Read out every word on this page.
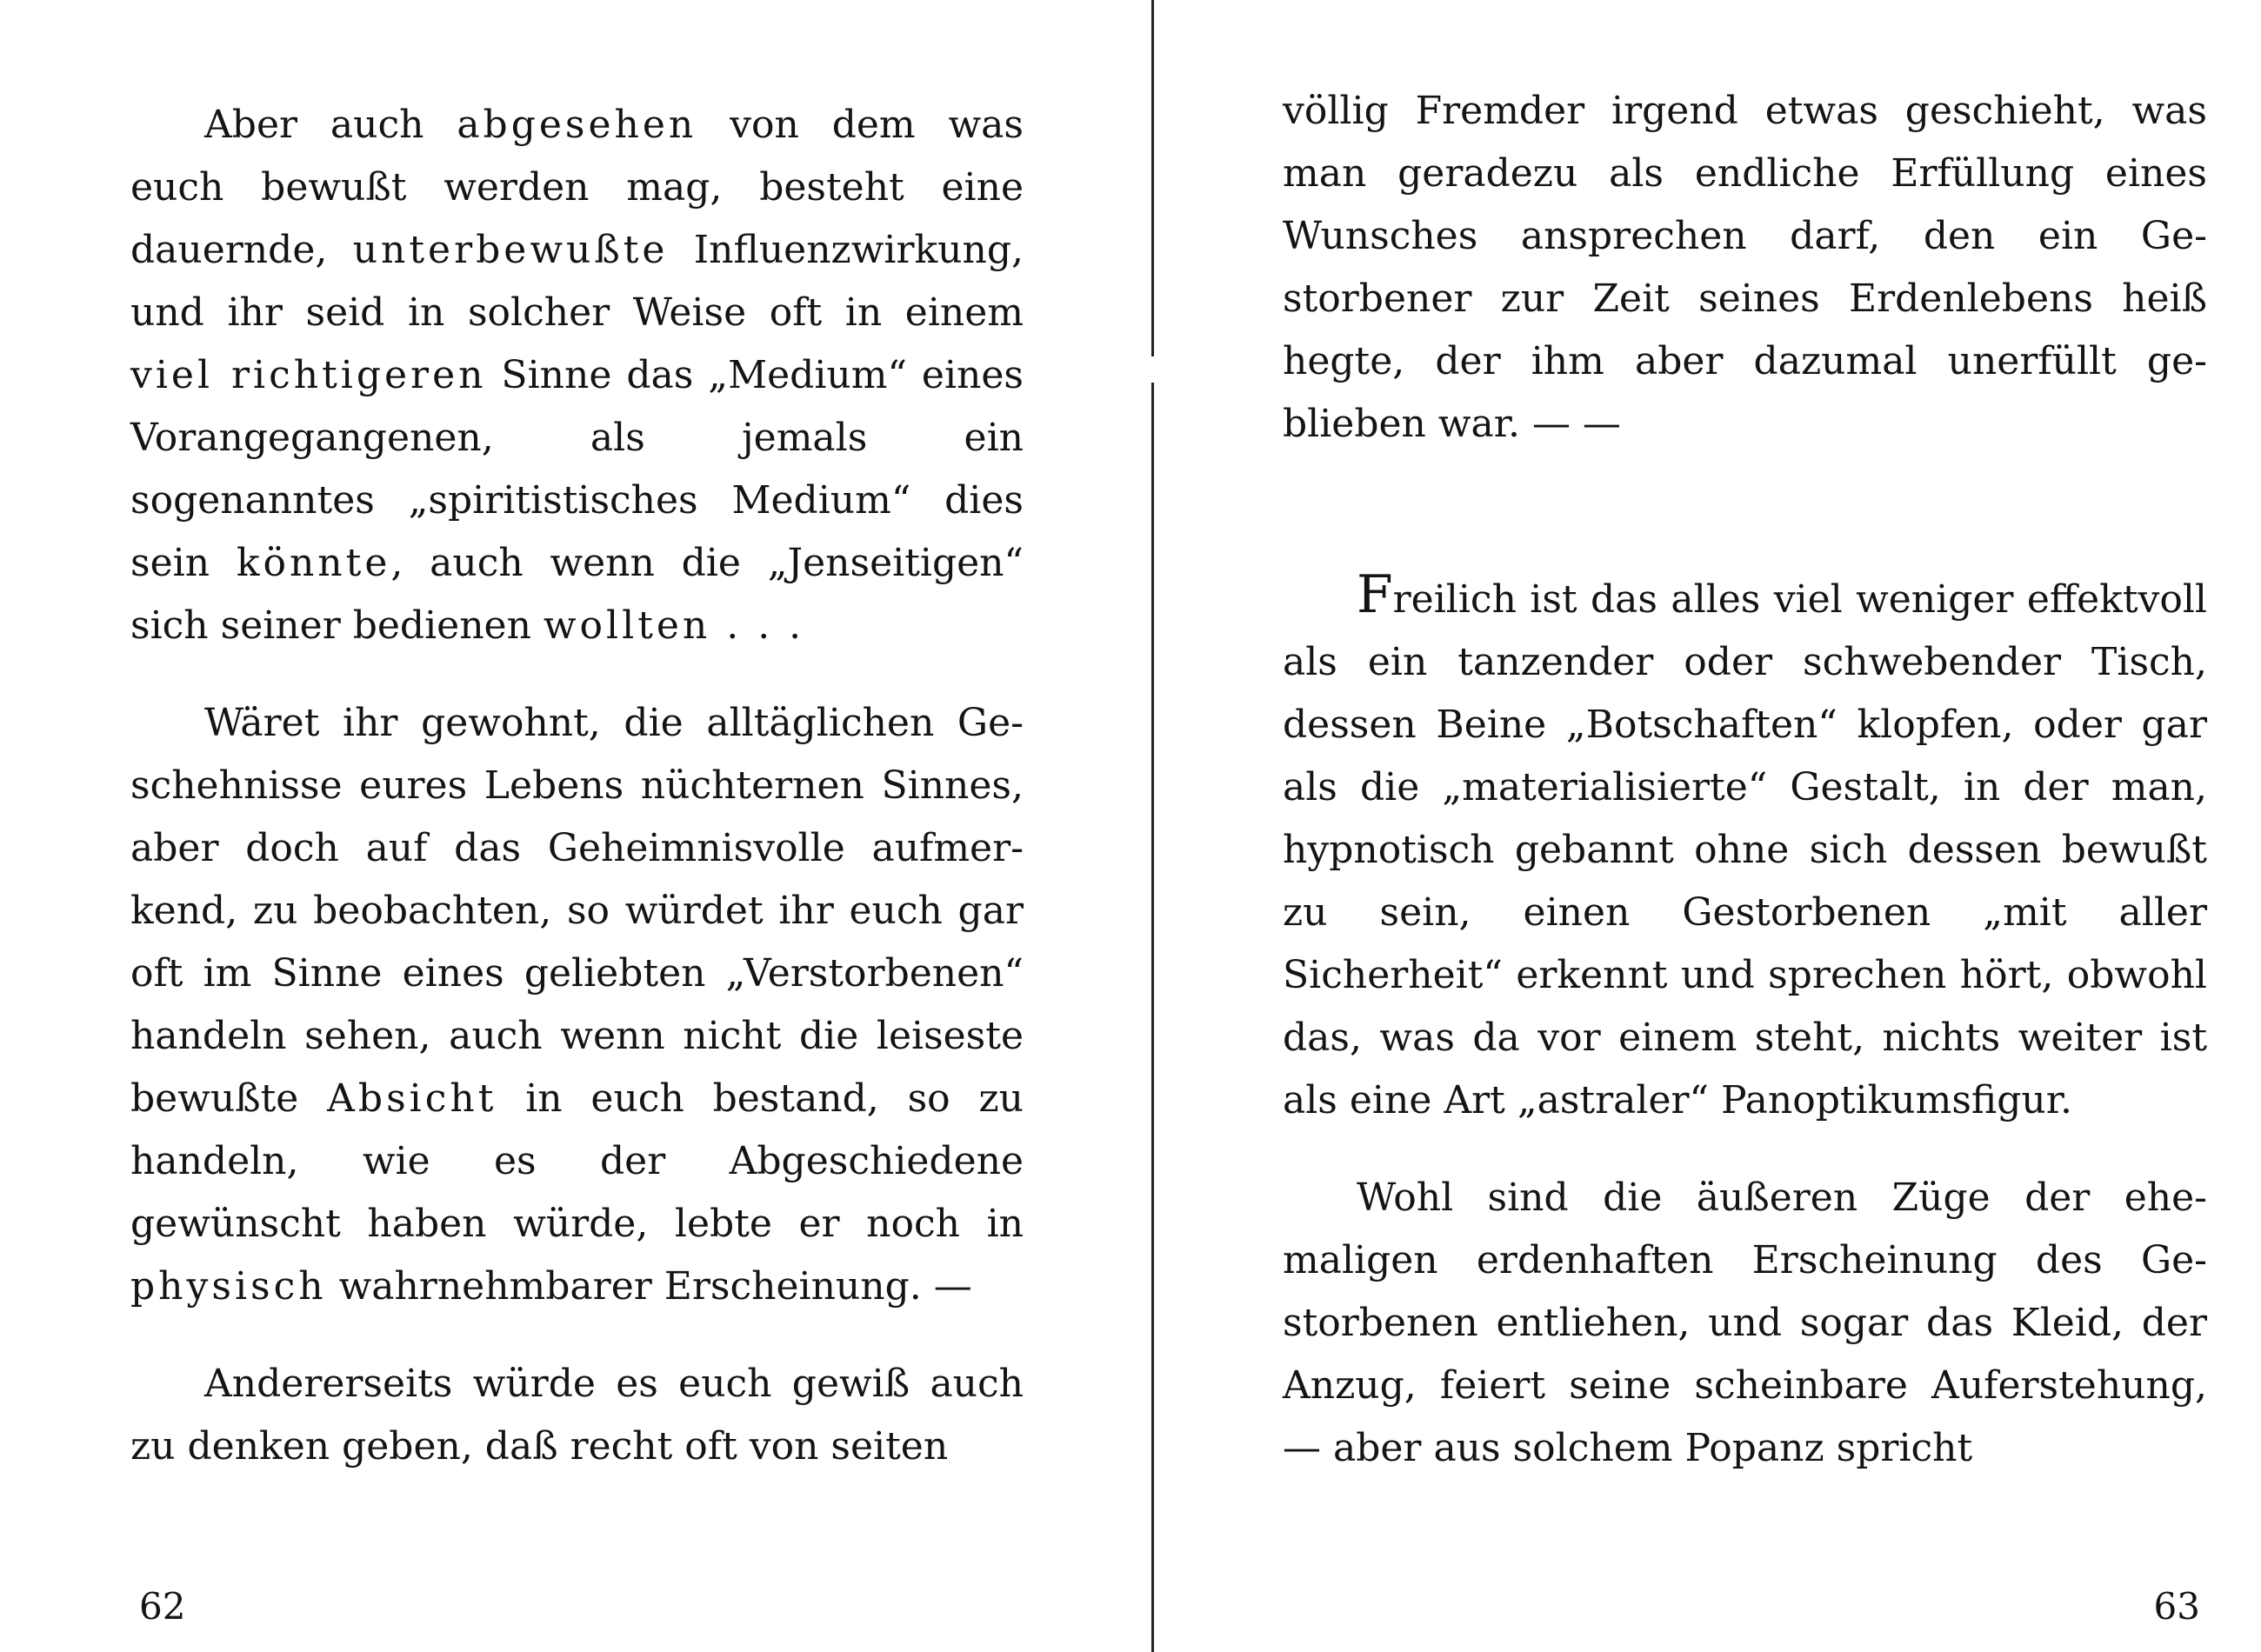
Aber auch abgesehen von dem was euch bewußt werden mag, besteht eine dauernde, unterbewußte Influenzwirkung, und ihr seid in solcher Weise oft in einem viel richtigeren Sinne das „Medium“ eines Vorangegangenen, als jemals ein sogenanntes „spiritistisches Medium“ dies sein könnte, auch wenn die „Jenseitigen“ sich seiner bedienen wollten . . .

Wäret ihr gewohnt, die alltäglichen Geschehnisse eures Lebens nüchternen Sinnes, aber doch auf das Geheimnisvolle aufmerkend, zu beobachten, so würdet ihr euch gar oft im Sinne eines geliebten „Verstorbenen“ handeln sehen, auch wenn nicht die leiseste bewußte Absicht in euch bestand, so zu handeln, wie es der Abgeschiedene gewünscht haben würde, lebte er noch in physisch wahrnehmbarer Erscheinung. —

Andererseits würde es euch gewiß auch zu denken geben, daß recht oft von seiten

62

völlig Fremder irgend etwas geschieht, was man geradezu als endliche Erfüllung eines Wunsches ansprechen darf, den ein Gestorbener zur Zeit seines Erdenlebens heiß hegte, der ihm aber dazumal unerfüllt geblieben war. — —

Freilich ist das alles viel weniger effektvoll als ein tanzender oder schwebender Tisch, dessen Beine „Botschaften“ klopfen, oder gar als die „materialisierte“ Gestalt, in der man, hypnotisch gebannt ohne sich dessen bewußt zu sein, einen Gestorbenen „mit aller Sicherheit“ erkennt und sprechen hört, obwohl das, was da vor einem steht, nichts weiter ist als eine Art „astraler“ Panoptikumsfigur.

Wohl sind die äußeren Züge der ehemaligen erdenhaften Erscheinung des Gestorbenen entliehen, und sogar das Kleid, der Anzug, feiert seine scheinbare Auferstehung, — aber aus solchem Popanz spricht

63
